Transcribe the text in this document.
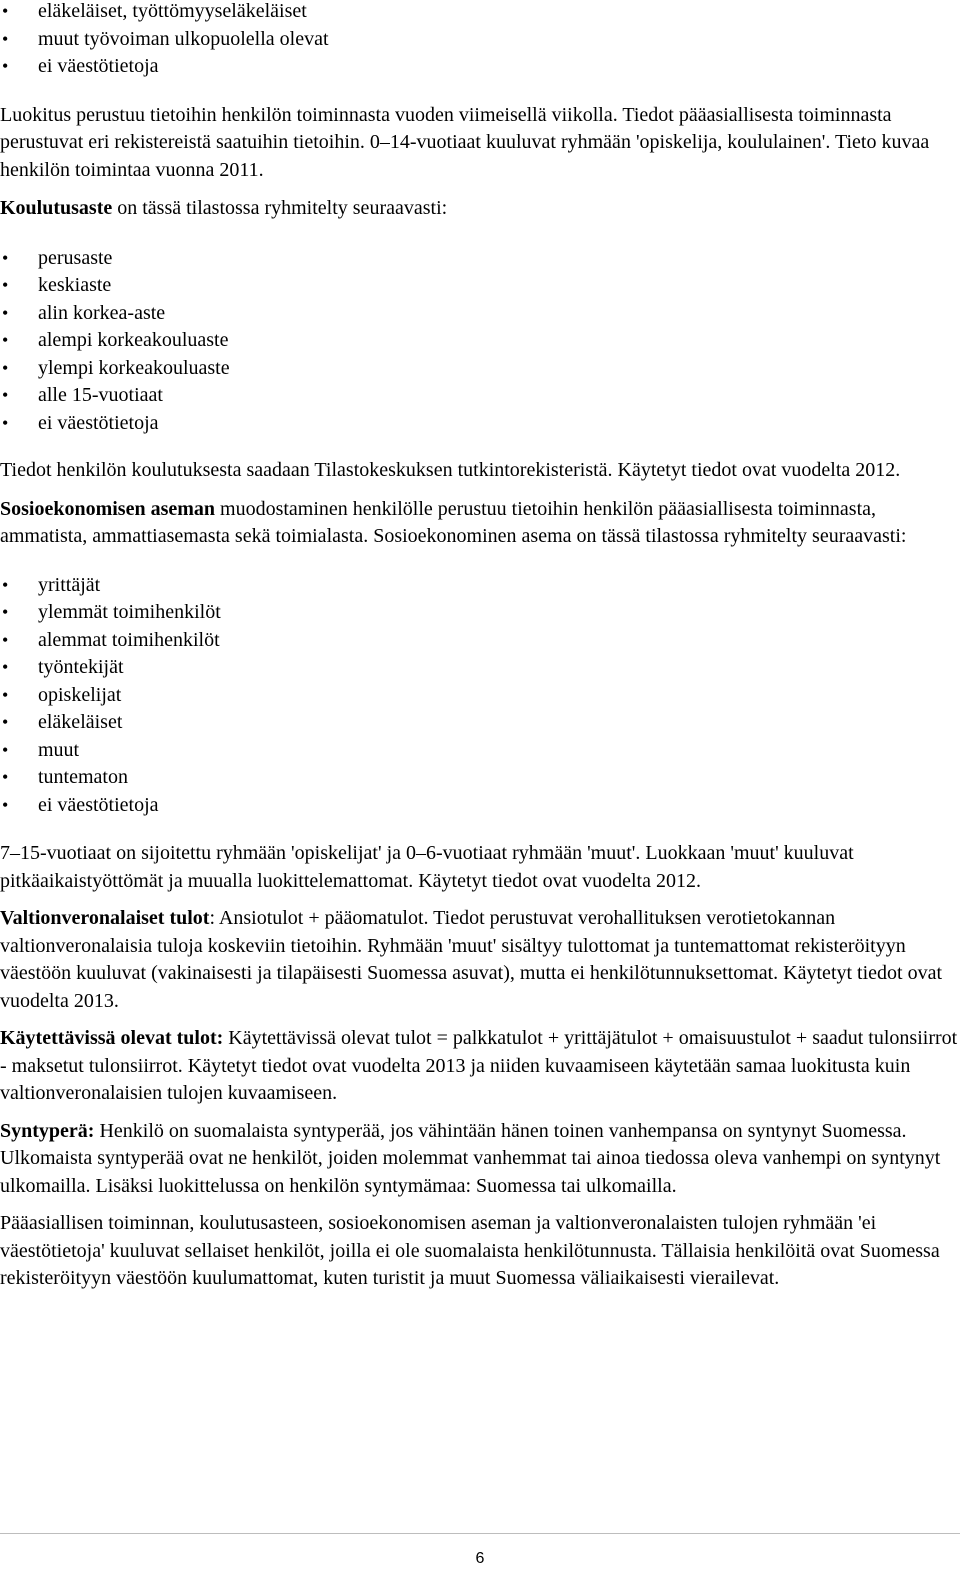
• eläkeläiset, työttömyyseläkeläiset
• muut työvoiman ulkopuolella olevat
• ei väestötietoja

Luokitus perustuu tietoihin henkilön toiminnasta vuoden viimeisellä viikolla. Tiedot pääasiallisesta toiminnasta perustuvat eri rekistereistä saatuihin tietoihin. 0–14-vuotiaat kuuluvat ryhmään 'opiskelija, koululainen'. Tieto kuvaa henkilön toimintaa vuonna 2011.

Koulutusaste on tässä tilastossa ryhmitelty seuraavasti:

• perusaste
• keskiaste
• alin korkea-aste
• alempi korkeakouluaste
• ylempi korkeakouluaste
• alle 15-vuotiaat
• ei väestötietoja

Tiedot henkilön koulutuksesta saadaan Tilastokeskuksen tutkintorekisteristä. Käytetyt tiedot ovat vuodelta 2012.

Sosioekonomisen aseman muodostaminen henkilölle perustuu tietoihin henkilön pääasiallisesta toiminnasta, ammatista, ammattiasemasta sekä toimialasta. Sosioekonominen asema on tässä tilastossa ryhmitelty seuraavasti:

• yrittäjät
• ylemmät toimihenkilöt
• alemmat toimihenkilöt
• työntekijät
• opiskelijat
• eläkeläiset
• muut
• tuntematon
• ei väestötietoja

7–15-vuotiaat on sijoitettu ryhmään 'opiskelijat' ja 0–6-vuotiaat ryhmään 'muut'. Luokkaan 'muut' kuuluvat pitkäaikaistyöttömät ja muualla luokittelemattomat. Käytetyt tiedot ovat vuodelta 2012.

Valtionveronalaiset tulot: Ansiotulot + pääomatulot. Tiedot perustuvat verohallituksen verotietokannan valtionveronalaisia tuloja koskeviin tietoihin. Ryhmään 'muut' sisältyy tulottomat ja tuntemattomat rekisteröityyn väestöön kuuluvat (vakinaisesti ja tilapäisesti Suomessa asuvat), mutta ei henkilötunnuksettomat. Käytetyt tiedot ovat vuodelta 2013.

Käytettävissä olevat tulot: Käytettävissä olevat tulot = palkkatulot + yrittäjätulot + omaisuustulot + saadut tulonsiirrot - maksetut tulonsiirrot. Käytetyt tiedot ovat vuodelta 2013 ja niiden kuvaamiseen käytetään samaa luokitusta kuin valtionveronalaisien tulojen kuvaamiseen.

Syntyperä: Henkilö on suomalaista syntyperää, jos vähintään hänen toinen vanhempansa on syntynyt Suomessa. Ulkomaista syntyperää ovat ne henkilöt, joiden molemmat vanhemmat tai ainoa tiedossa oleva vanhempi on syntynyt ulkomailla. Lisäksi luokittelussa on henkilön syntymämaa: Suomessa tai ulkomailla.

Pääasiallisen toiminnan, koulutusasteen, sosioekonomisen aseman ja valtionveronalaisten tulojen ryhmään 'ei väestötietoja' kuuluvat sellaiset henkilöt, joilla ei ole suomalaista henkilötunnusta. Tällaisia henkilöitä ovat Suomessa rekisteröityyn väestöön kuulumattomat, kuten turistit ja muut Suomessa väliaikaisesti vierailevat.

6
